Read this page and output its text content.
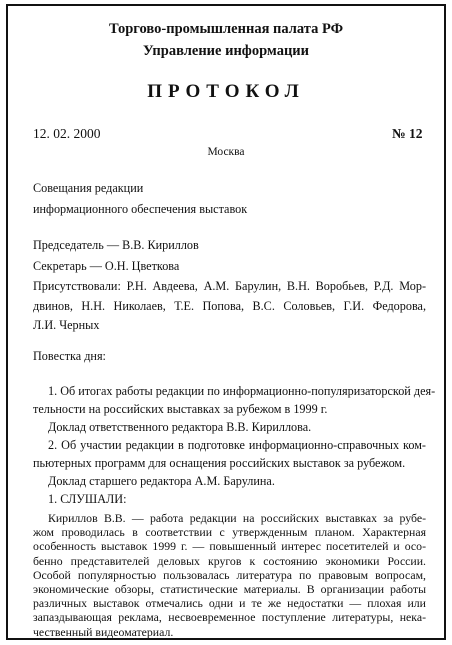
Торгово-промышленная палата РФ
Управление информации
ПРОТОКОЛ
12. 02. 2000	№ 12
Москва
Совещания редакции
информационного обеспечения выставок
Председатель — В.В. Кириллов
Секретарь — О.Н. Цветкова
Присутствовали: Р.Н. Авдеева, А.М. Барулин, В.Н. Воробьев, Р.Д. Мор-
двинов, Н.Н. Николаев, Т.Е. Попова, В.С. Соловьев, Г.И. Федорова,
Л.И. Черных
Повестка дня:
1. Об итогах работы редакции по информационно-популяризаторской дея-
тельности на российских выставках за рубежом в 1999 г.
Доклад ответственного редактора В.В. Кириллова.
2. Об участии редакции в подготовке информационно-справочных ком-
пьютерных программ для оснащения российских выставок за рубежом.
Доклад старшего редактора А.М. Барулина.
1. СЛУШАЛИ:
Кириллов В.В. — работа редакции на российских выставках за рубе-
жом проводилась в соответствии с утвержденным планом. Характерная
особенность выставок 1999 г. — повышенный интерес посетителей и осо-
бенно представителей деловых кругов к состоянию экономики России.
Особой популярностью пользовалась литература по правовым вопросам,
экономические обзоры, статистические материалы. В организации работы
различных выставок отмечались одни и те же недостатки — плохая или
запаздывающая реклама, несвоевременное поступление литературы, нека-
чественный видеоматериал.
